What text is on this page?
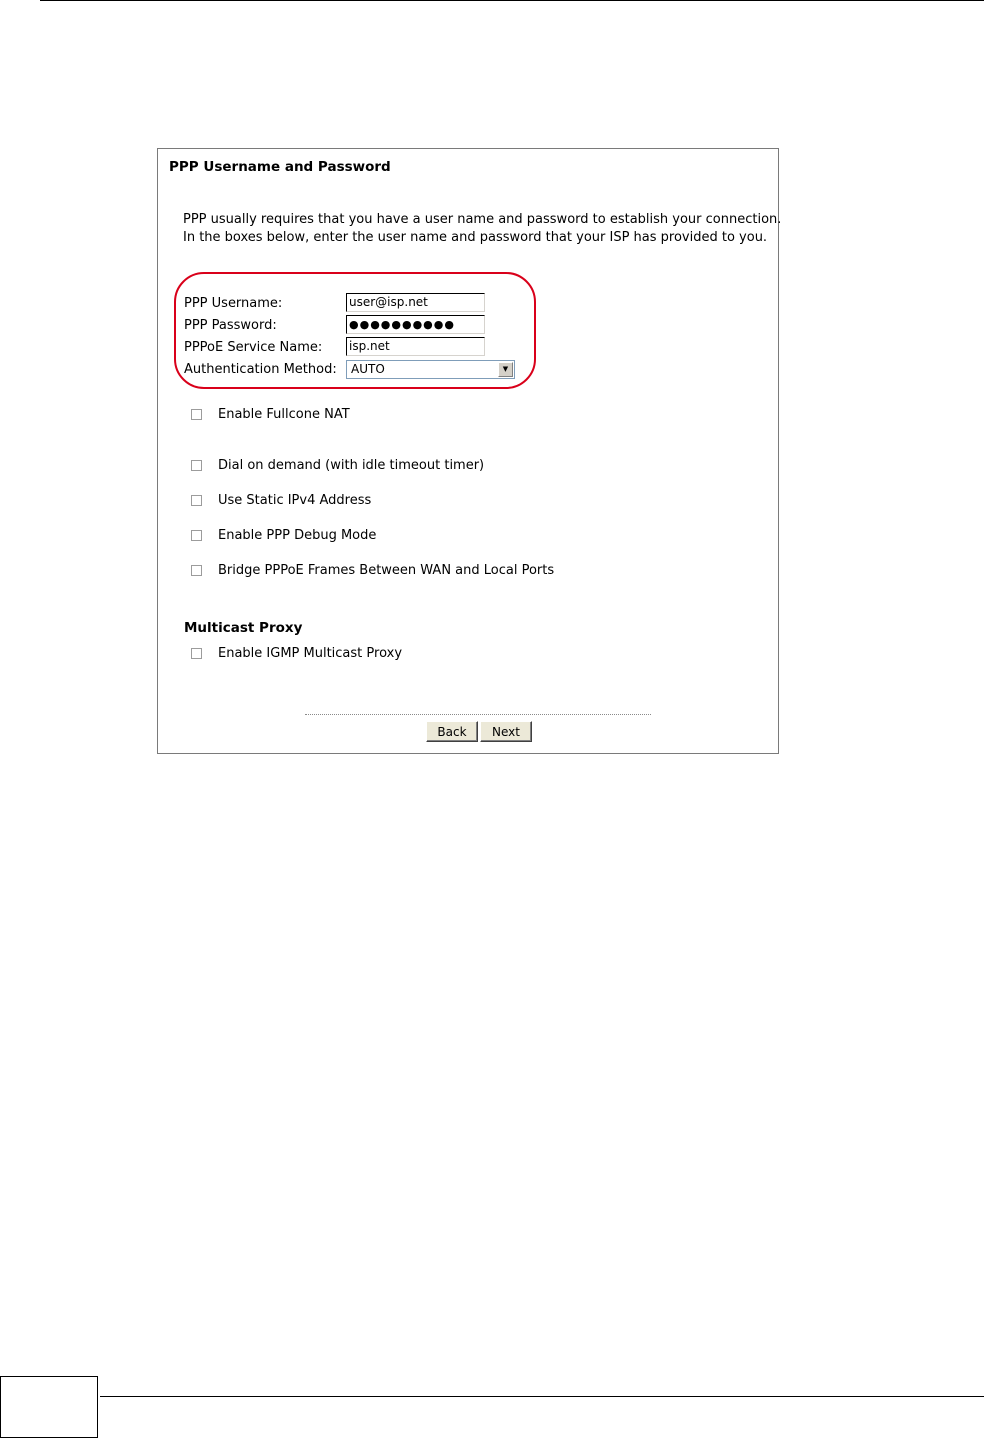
PPP Username and Password
PPP usually requires that you have a user name and password to establish your connection.
In the boxes below, enter the user name and password that your ISP has provided to you.
PPP Username:	user@isp.net
PPP Password:	●●●●●●●●●●
PPPoE Service Name: isp.net
Authentication Method:	AUTO	▼
Enable Fullcone NAT
Dial on demand (with idle timeout timer)
Use Static IPv4 Address
Enable PPP Debug Mode
Bridge PPPoE Frames Between WAN and Local Ports
Multicast Proxy
Enable IGMP Multicast Proxy
Back	Next
